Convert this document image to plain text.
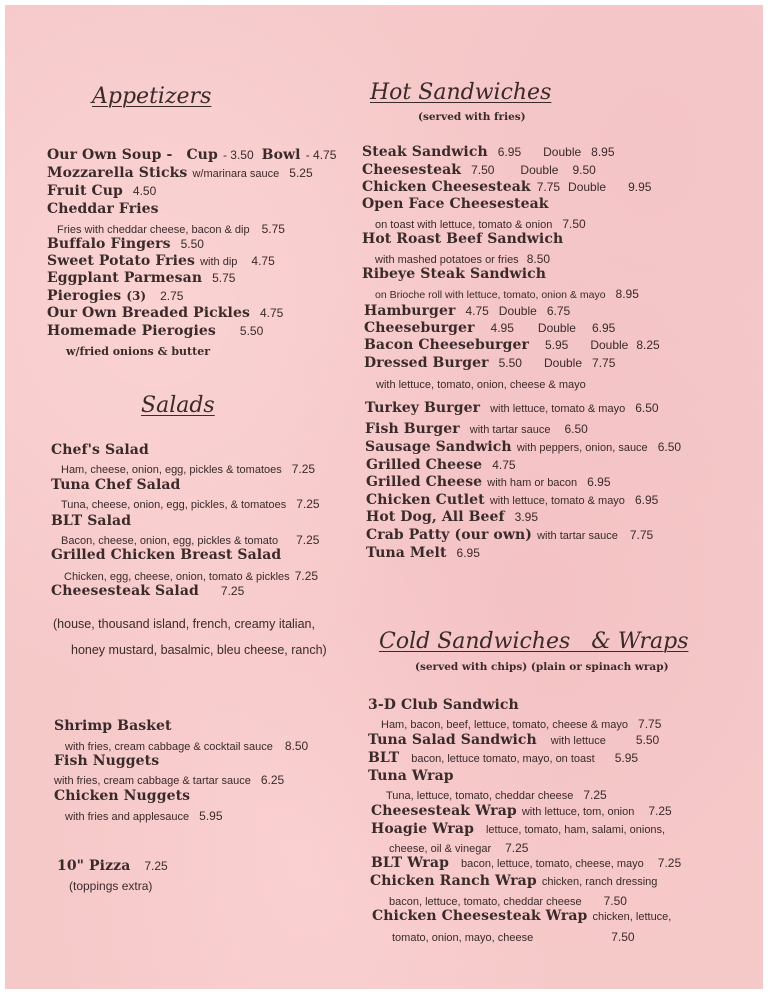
Appetizers
Our Own Soup - Cup - 3.50 Bowl - 4.75
Mozzarella Sticks w/marinara sauce 5.25
Fruit Cup 4.50
Cheddar Fries
Fries with cheddar cheese, bacon & dip 5.75
Buffalo Fingers 5.50
Sweet Potato Fries with dip 4.75
Eggplant Parmesan 5.75
Pierogies (3) 2.75
Our Own Breaded Pickles 4.75
Homemade Pierogies 5.50
w/fried onions & butter
Salads
Chef's Salad
Ham, cheese, onion, egg, pickles & tomatoes 7.25
Tuna Chef Salad
Tuna, cheese, onion, egg, pickles, & tomatoes 7.25
BLT Salad
Bacon, cheese, onion, egg, pickles & tomato 7.25
Grilled Chicken Breast Salad
Chicken, egg, cheese, onion, tomato & pickles 7.25
Cheesesteak Salad 7.25
(house, thousand island, french, creamy italian,
honey mustard, basalmic, bleu cheese, ranch)
Shrimp Basket
with fries, cream cabbage & cocktail sauce 8.50
Fish Nuggets
with fries, cream cabbage & tartar sauce 6.25
Chicken Nuggets
with fries and applesauce 5.95
10" Pizza 7.25
(toppings extra)
Hot Sandwiches
(served with fries)
Steak Sandwich 6.95 Double 8.95
Cheesesteak 7.50 Double 9.50
Chicken Cheesesteak 7.75 Double 9.95
Open Face Cheesesteak
on toast with lettuce, tomato & onion 7.50
Hot Roast Beef Sandwich
with mashed potatoes or fries 8.50
Ribeye Steak Sandwich
on Brioche roll with lettuce, tomato, onion & mayo 8.95
Hamburger 4.75 Double 6.75
Cheeseburger 4.95 Double 6.95
Bacon Cheeseburger 5.95 Double 8.25
Dressed Burger 5.50 Double 7.75
with lettuce, tomato, onion, cheese & mayo
Turkey Burger with lettuce, tomato & mayo 6.50
Fish Burger with tartar sauce 6.50
Sausage Sandwich with peppers, onion, sauce 6.50
Grilled Cheese 4.75
Grilled Cheese with ham or bacon 6.95
Chicken Cutlet with lettuce, tomato & mayo 6.95
Hot Dog, All Beef 3.95
Crab Patty (our own) with tartar sauce 7.75
Tuna Melt 6.95
Cold Sandwiches   & Wraps
(served with chips) (plain or spinach wrap)
3-D Club Sandwich
Ham, bacon, beef, lettuce, tomato, cheese & mayo 7.75
Tuna Salad Sandwich with lettuce	5.50
BLT bacon, lettuce tomato, mayo, on toast 5.95
Tuna Wrap
Tuna, lettuce, tomato, cheddar cheese 7.25
Cheesesteak Wrap with lettuce, tom, onion 7.25
Hoagie Wrap lettuce, tomato, ham, salami, onions,
cheese, oil & vinegar 7.25
BLT Wrap bacon, lettuce, tomato, cheese, mayo 7.25
Chicken Ranch Wrap chicken, ranch dressing
bacon, lettuce, tomato, cheddar cheese 7.50
Chicken Cheesesteak Wrap chicken, lettuce,
tomato, onion, mayo, cheese	7.50
